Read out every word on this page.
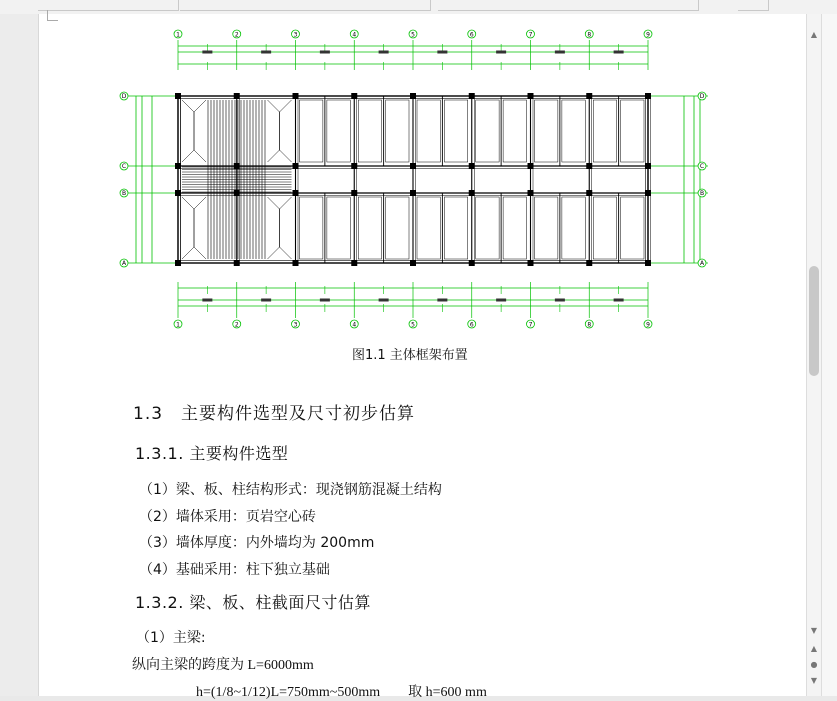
1
1
2
2
3
3
4
4
5
5
6
6
7
7
8
8
9
9
D	D
C	C
B	B
A	A
图1.1 主体框架布置
1.3　主要构件选型及尺寸初步估算
1.3.1. 主要构件选型
（1）梁、板、柱结构形式：现浇钢筋混凝土结构
（2）墙体采用：页岩空心砖
（3）墙体厚度：内外墙均为 200mm
（4）基础采用：柱下独立基础
1.3.2. 梁、板、柱截面尺寸估算
（1）主梁:
纵向主梁的跨度为 L=6000mm
h=(1/8~1/12)L=750mm~500mm　　取 h=600 mm
▲
▼
▲
●
▼
